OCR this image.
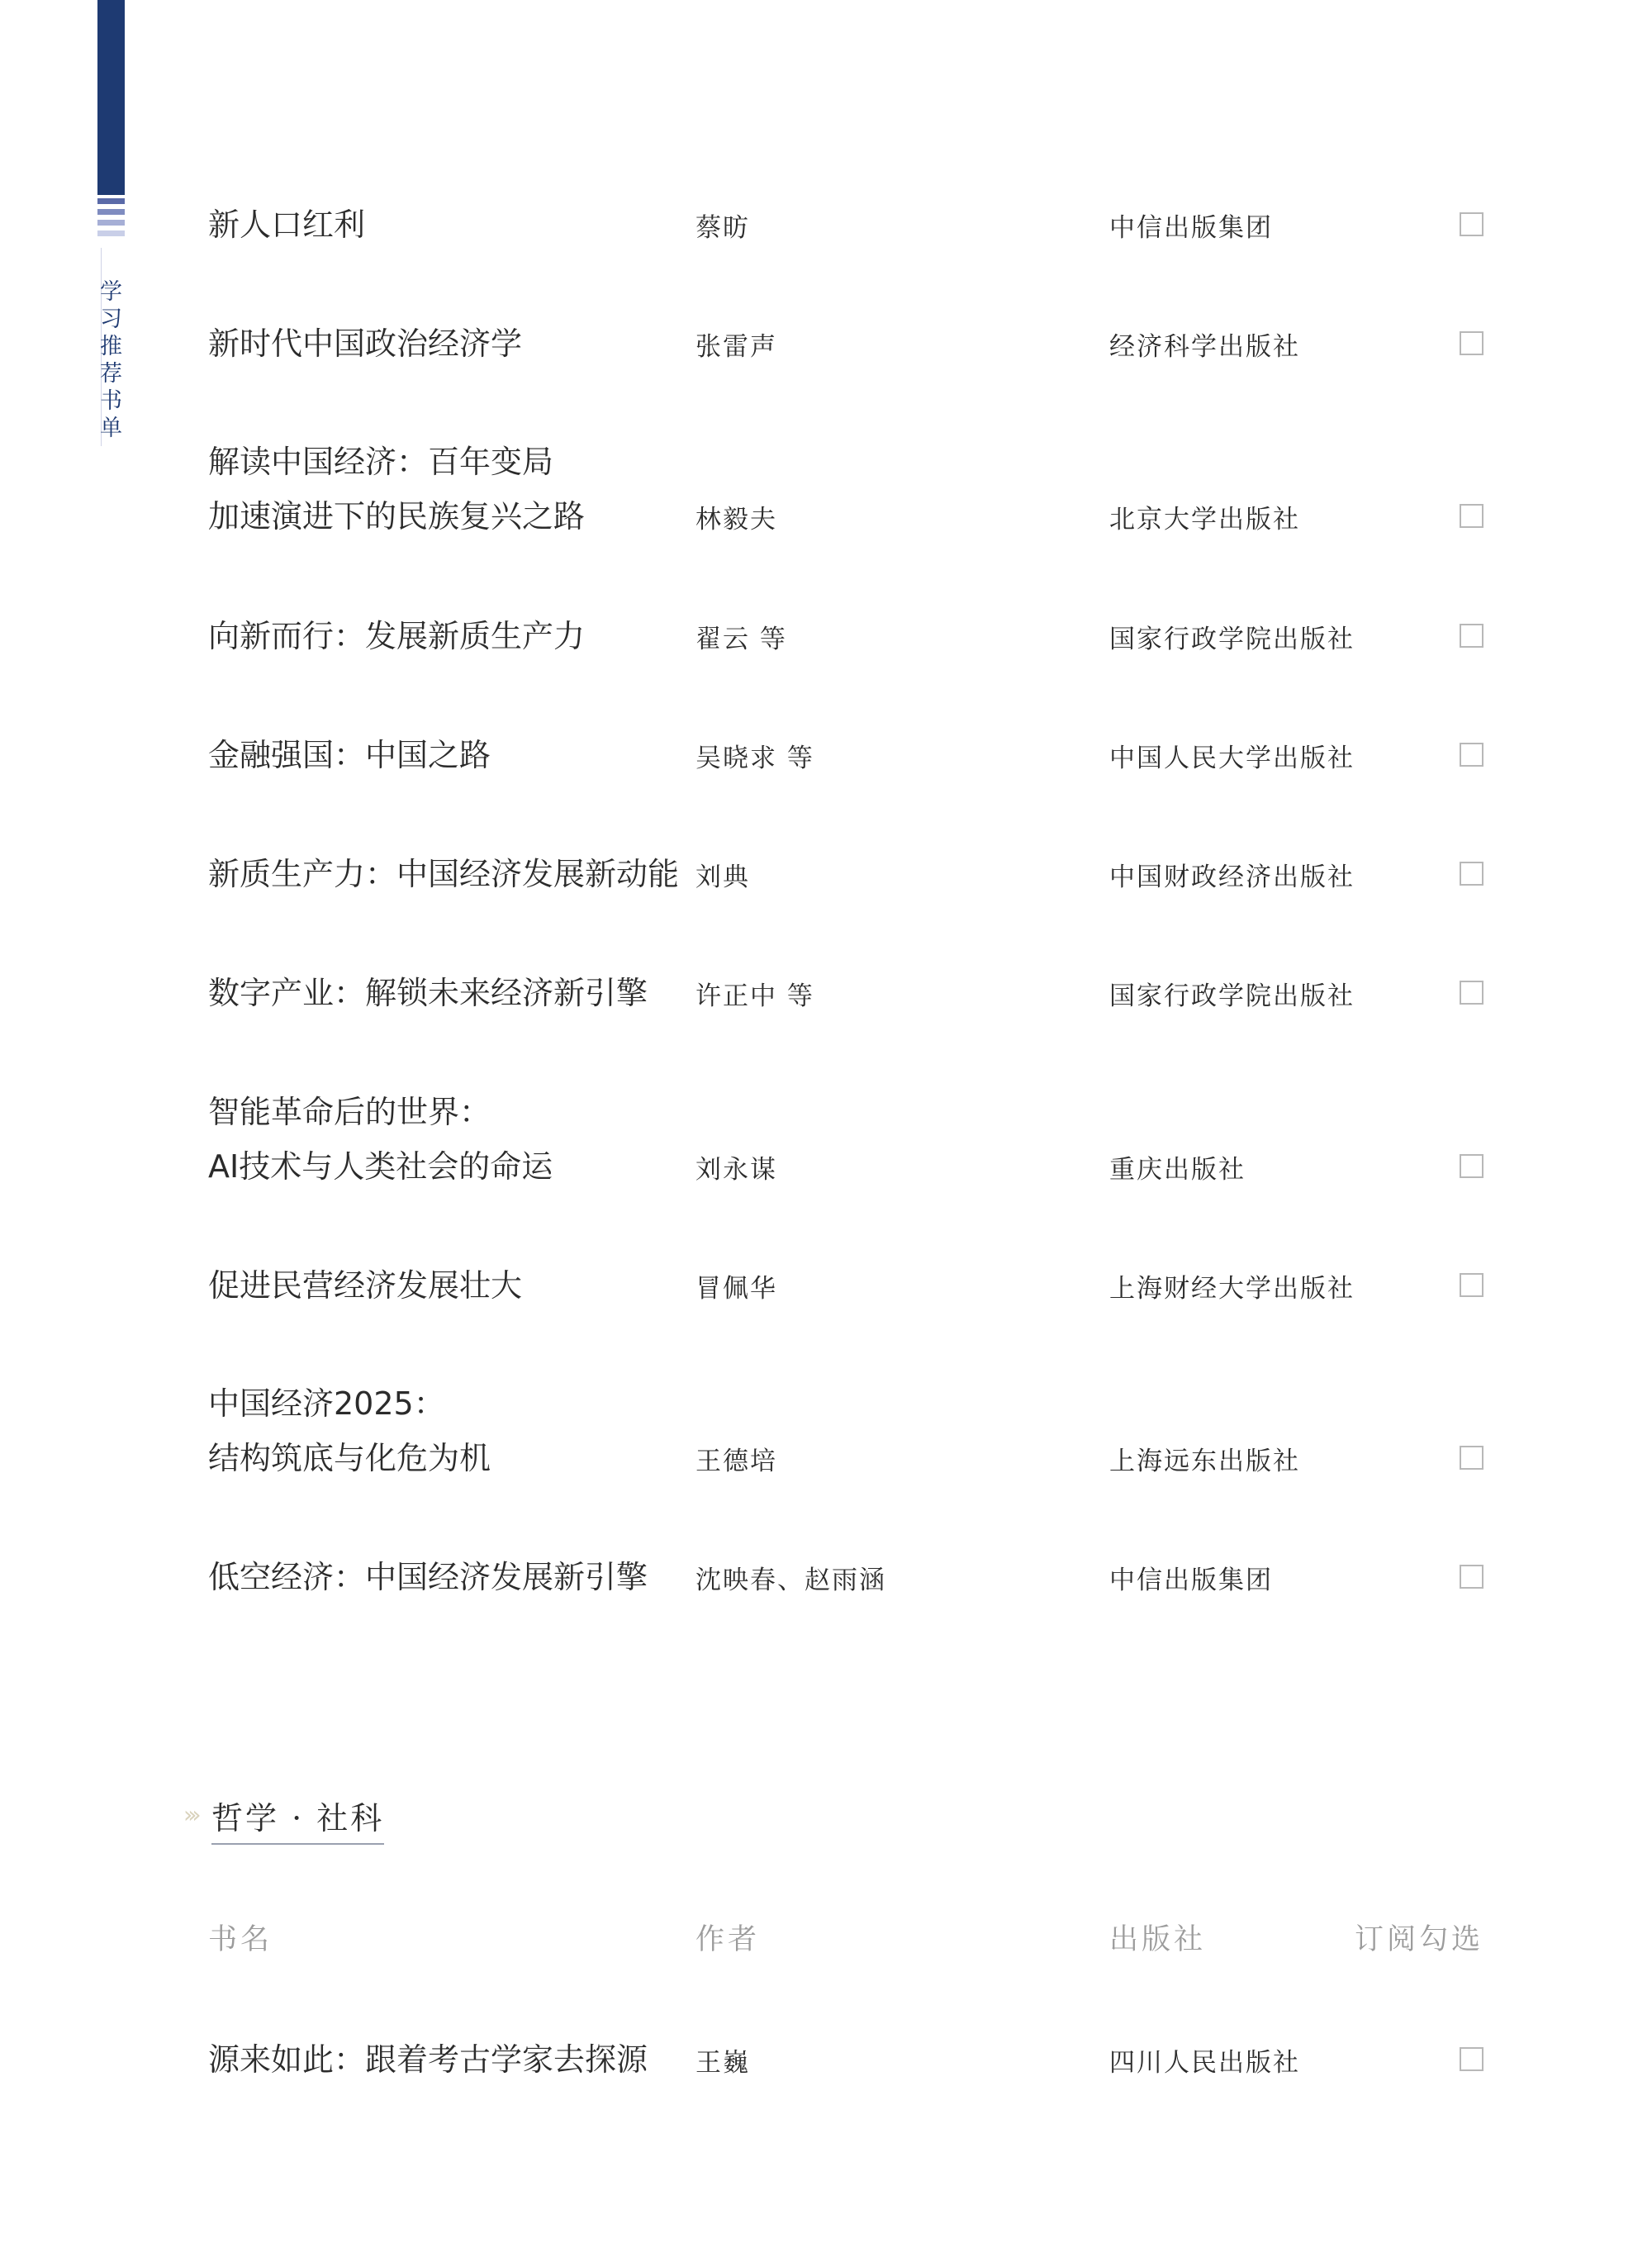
学习推荐书单
新人口红利	蔡昉	中信出版集团
新时代中国政治经济学	张雷声	经济科学出版社
解读中国经济：百年变局
加速演进下的民族复兴之路	林毅夫	北京大学出版社
向新而行：发展新质生产力	翟云 等	国家行政学院出版社
金融强国：中国之路	吴晓求 等	中国人民大学出版社
新质生产力：中国经济发展新动能 刘典	中国财政经济出版社
数字产业：解锁未来经济新引擎	许正中 等	国家行政学院出版社
智能革命后的世界：
AI技术与人类社会的命运	刘永谋	重庆出版社
促进民营经济发展壮大	冒佩华	上海财经大学出版社
中国经济2025：
结构筑底与化危为机	王德培	上海远东出版社
低空经济：中国经济发展新引擎	沈映春、赵雨涵	中信出版集团
››› 哲学 · 社科
书名	作者	出版社	订阅勾选
源来如此：跟着考古学家去探源	王巍	四川人民出版社
